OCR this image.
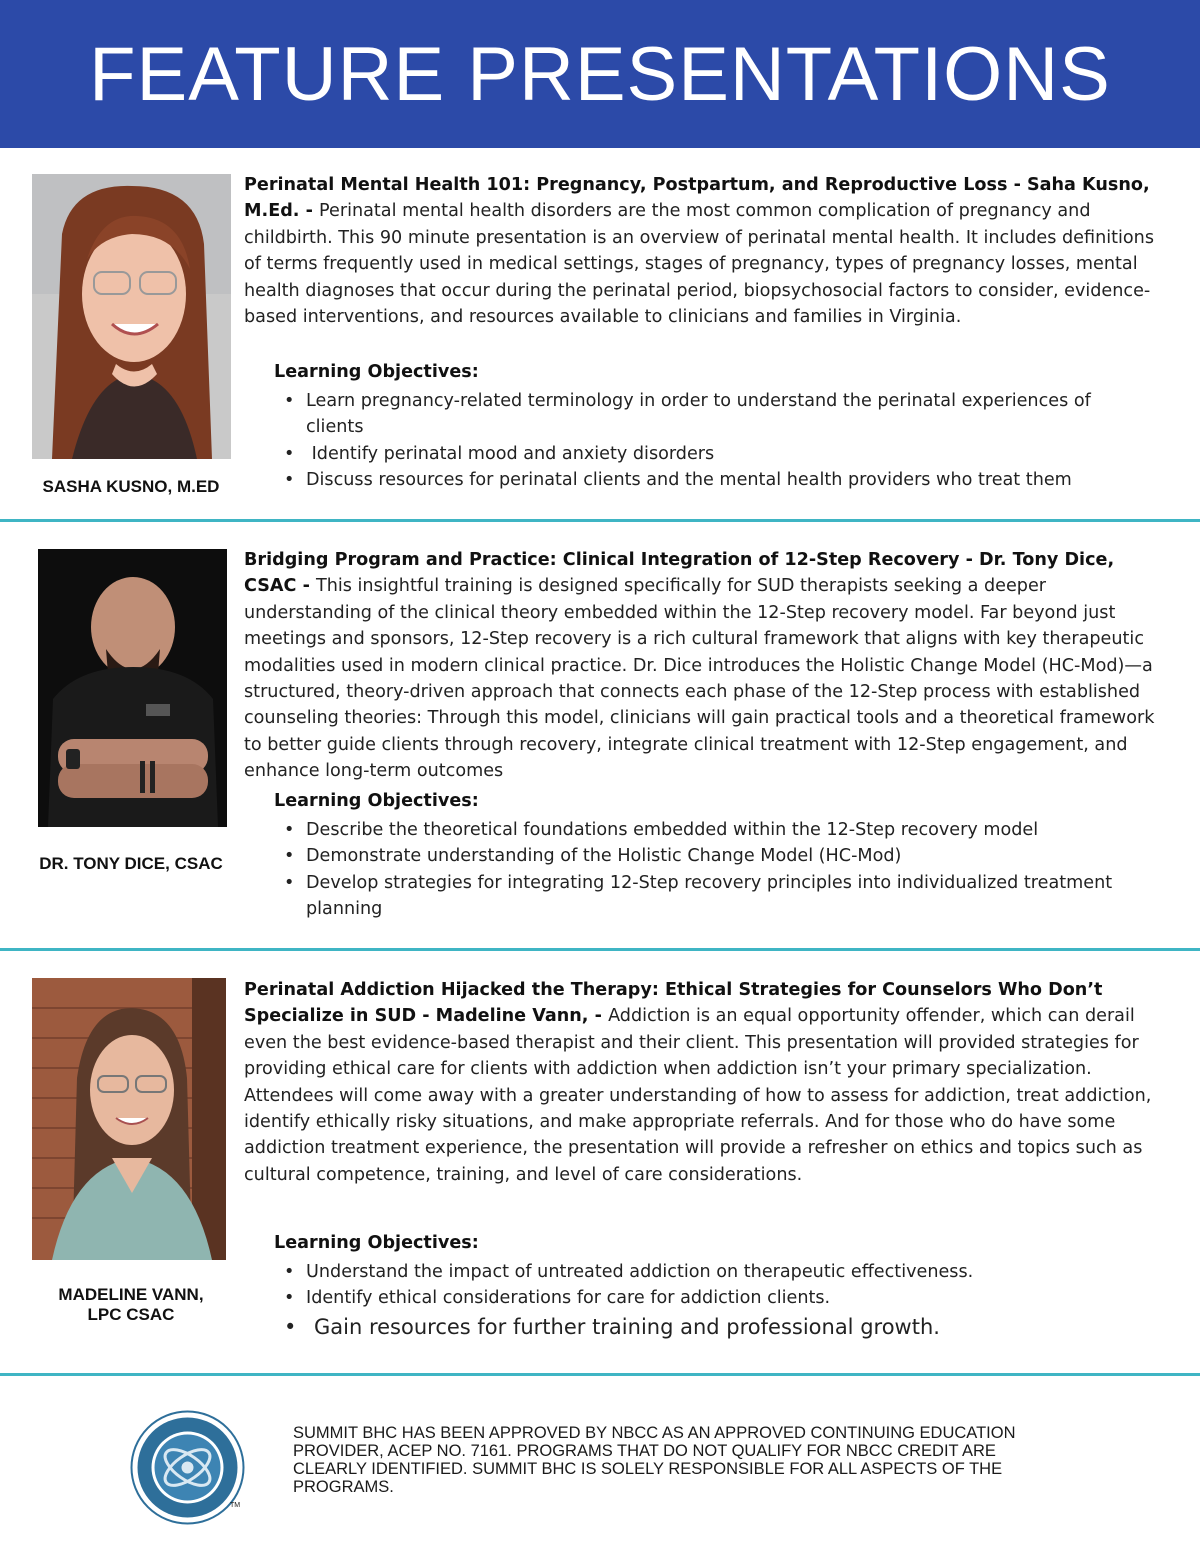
FEATURE PRESENTATIONS
SASHA KUSNO, M.ED

Perinatal Mental Health 101: Pregnancy, Postpartum, and Reproductive Loss - Saha Kusno, M.Ed. - Perinatal mental health disorders are the most common complication of pregnancy and childbirth. This 90 minute presentation is an overview of perinatal mental health. It includes definitions of terms frequently used in medical settings, stages of pregnancy, types of pregnancy losses, mental health diagnoses that occur during the perinatal period, biopsychosocial factors to consider, evidence-based interventions, and resources available to clinicians and families in Virginia.

Learning Objectives:
• Learn pregnancy-related terminology in order to understand the perinatal experiences of clients
• Identify perinatal mood and anxiety disorders
• Discuss resources for perinatal clients and the mental health providers who treat them
DR. TONY DICE, CSAC

Bridging Program and Practice: Clinical Integration of 12-Step Recovery - Dr. Tony Dice, CSAC - This insightful training is designed specifically for SUD therapists seeking a deeper understanding of the clinical theory embedded within the 12-Step recovery model. Far beyond just meetings and sponsors, 12-Step recovery is a rich cultural framework that aligns with key therapeutic modalities used in modern clinical practice. Dr. Dice introduces the Holistic Change Model (HC-Mod)—a structured, theory-driven approach that connects each phase of the 12-Step process with established counseling theories: Through this model, clinicians will gain practical tools and a theoretical framework to better guide clients through recovery, integrate clinical treatment with 12-Step engagement, and enhance long-term outcomes

Learning Objectives:
• Describe the theoretical foundations embedded within the 12-Step recovery model
• Demonstrate understanding of the Holistic Change Model (HC-Mod)
• Develop strategies for integrating 12-Step recovery principles into individualized treatment planning
MADELINE VANN,
LPC CSAC

Perinatal Addiction Hijacked the Therapy: Ethical Strategies for Counselors Who Don’t Specialize in SUD - Madeline Vann, - Addiction is an equal opportunity offender, which can derail even the best evidence-based therapist and their client. This presentation will provided strategies for providing ethical care for clients with addiction when addiction isn’t your primary specialization. Attendees will come away with a greater understanding of how to assess for addiction, treat addiction, identify ethically risky situations, and make appropriate referrals. And for those who do have some addiction treatment experience, the presentation will provide a refresher on ethics and topics such as cultural competence, training, and level of care considerations.

Learning Objectives:
• Understand the impact of untreated addiction on therapeutic effectiveness.
• Identify ethical considerations for care for addiction clients.
• Gain resources for further training and professional growth.
TM
SUMMIT BHC HAS BEEN APPROVED BY NBCC AS AN APPROVED CONTINUING EDUCATION PROVIDER, ACEP NO. 7161. PROGRAMS THAT DO NOT QUALIFY FOR NBCC CREDIT ARE CLEARLY IDENTIFIED. SUMMIT BHC IS SOLELY RESPONSIBLE FOR ALL ASPECTS OF THE PROGRAMS.
